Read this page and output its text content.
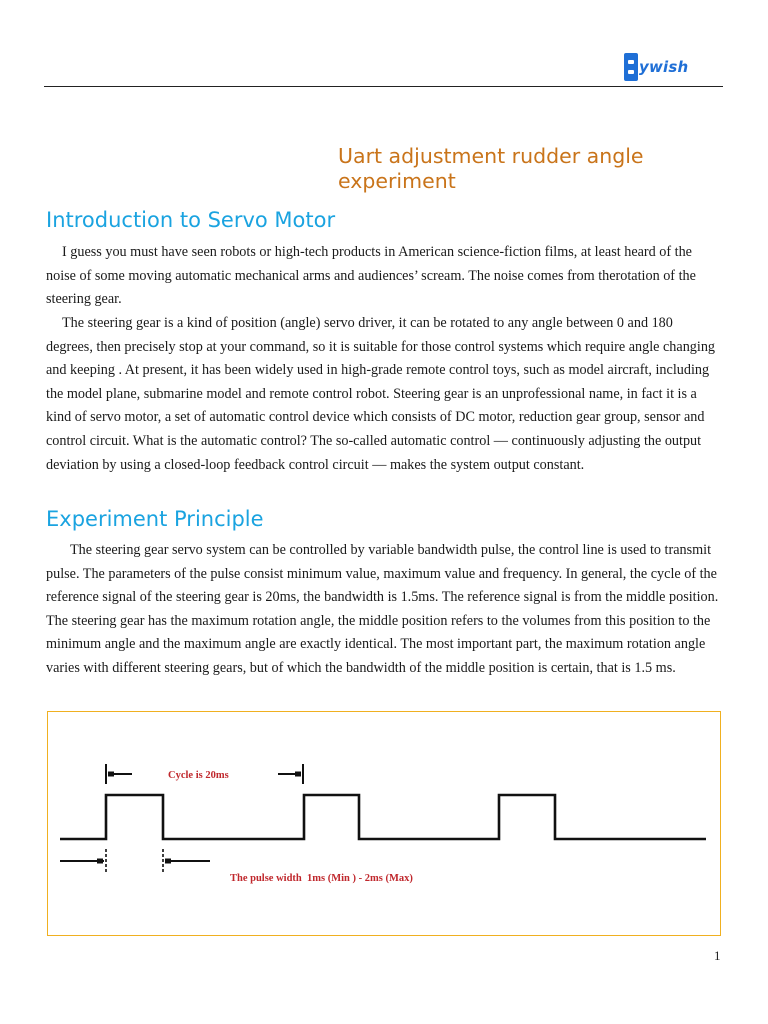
ywish
Uart adjustment rudder angle experiment
Introduction to Servo Motor

I guess you must have seen robots or high-tech products in American science-fiction films, at least heard of the noise of some moving automatic mechanical arms and audiences’ scream. The noise comes from therotation of the steering gear.

The steering gear is a kind of position (angle) servo driver, it can be rotated to any angle between 0 and 180 degrees, then precisely stop at your command, so it is suitable for those control systems which require angle changing and keeping . At present, it has been widely used in high-grade remote control toys, such as model aircraft, including the model plane, submarine model and remote control robot. Steering gear is an unprofessional name, in fact it is a kind of servo motor, a set of automatic control device which consists of DC motor, reduction gear group, sensor and control circuit. What is the automatic control? The so-called automatic control — continuously adjusting the output deviation by using a closed-loop feedback control circuit — makes the system output constant.

Experiment Principle

The steering gear servo system can be controlled by variable bandwidth pulse, the control line is used to transmit pulse. The parameters of the pulse consist minimum value, maximum value and frequency. In general, the cycle of the reference signal of the steering gear is 20ms, the bandwidth is 1.5ms. The reference signal is from the middle position. The steering gear has the maximum rotation angle, the middle position refers to the volumes from this position to the minimum angle and the maximum angle are exactly identical. The most important part, the maximum rotation angle varies with different steering gears, but of which the bandwidth of the middle position is certain, that is 1.5 ms.

Cycle is 20ms
The pulse width  1ms (Min ) - 2ms (Max)
1
